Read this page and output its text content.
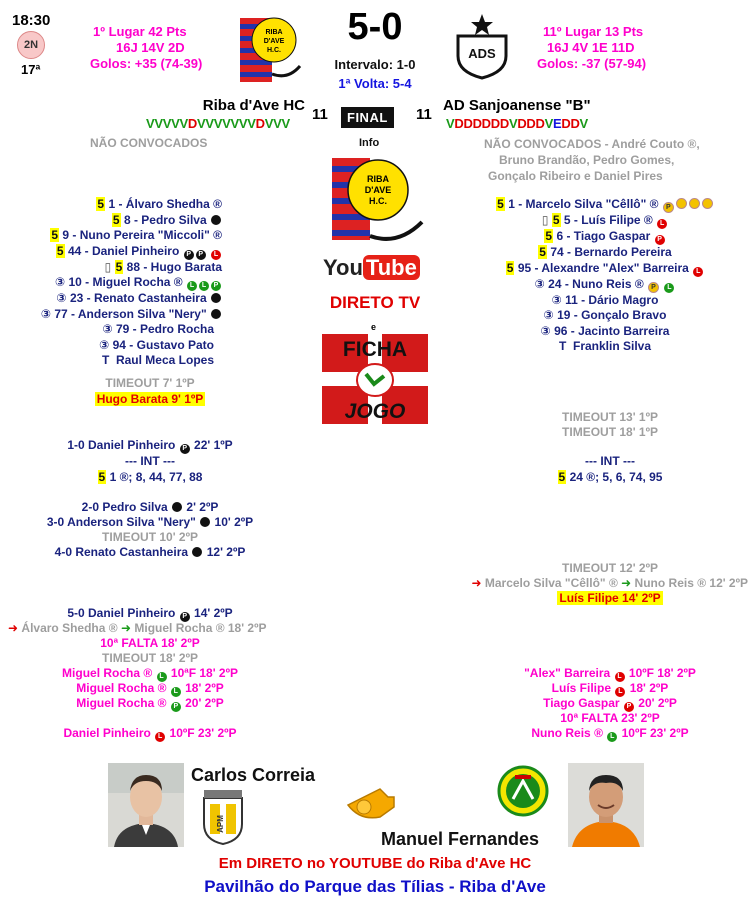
18:30
2N
17ª
1º Lugar 42 Pts
16J 14V 2D
Golos: +35 (74-39)
RIBA
D'AVE
H.C.
5-0
Intervalo: 1-0
1ª Volta: 5-4
ADS
11º Lugar 13 Pts
16J 4V 1E 11D
Golos: -37 (57-94)
Riba d'Ave HC
11	FINAL	11
AD Sanjoanense "B"
VVVVVDVVVVVVVDVVV	VDDDDDDVDDDVEDDV
NÃO CONVOCADOS	Info	NÃO CONVOCADOS - André Couto ®,
Bruno Brandão, Pedro Gomes,
Gonçalo Ribeiro e Daniel Pires
RIBA
D'AVE
H.C.
You Tube
DIRETO TV
e
FICHA
JOGO
5 1 - Álvaro Shedha ®
5 8 - Pedro Silva
5 9 - Nuno Pereira "Miccoli" ®
5 44 - Daniel Pinheiro P P L
▯ 5 88 - Hugo Barata
③ 10 - Miguel Rocha ® L L P
③ 23 - Renato Castanheira
③ 77 - Anderson Silva "Nery"
③ 79 - Pedro Rocha
③ 94 - Gustavo Pato
T Raul Meca Lopes
5 1 - Marcelo Silva "Cêllô" ® P
▯ 5 5 - Luís Filipe ® L
5 6 - Tiago Gaspar P
5 74 - Bernardo Pereira
5 95 - Alexandre "Alex" Barreira L
③ 24 - Nuno Reis ® P L
③ 11 - Dário Magro
③ 19 - Gonçalo Bravo
③ 96 - Jacinto Barreira
T Franklin Silva
TIMEOUT 7' 1ºP
Hugo Barata 9' 1ºP
TIMEOUT 13' 1ºP
TIMEOUT 18' 1ºP
1-0 Daniel Pinheiro P 22' 1ºP
--- INT ---
5 1 ®; 8, 44, 77, 88
--- INT ---
5 24 ®; 5, 6, 74, 95
2-0 Pedro Silva 2' 2ºP
3-0 Anderson Silva "Nery" 10' 2ºP
TIMEOUT 10' 2ºP
4-0 Renato Castanheira 12' 2ºP
TIMEOUT 12' 2ºP
➜ Marcelo Silva "Cêllô" ® ➜ Nuno Reis ® 12' 2ºP
Luís Filipe 14' 2ºP
5-0 Daniel Pinheiro P 14' 2ºP
➜ Álvaro Shedha ® ➜ Miguel Rocha ® 18' 2ºP
10ª FALTA 18' 2ºP
TIMEOUT 18' 2ºP
Miguel Rocha ® L 10ªF 18' 2ºP
Miguel Rocha ® L 18' 2ºP
Miguel Rocha ® P 20' 2ºP
Daniel Pinheiro L 10ºF 23' 2ºP
"Alex" Barreira L 10ºF 18' 2ºP
Luís Filipe L 18' 2ºP
Tiago Gaspar P 20' 2ºP
10ª FALTA 23' 2ºP
Nuno Reis ® L 10ºF 23' 2ºP
Carlos Correia
APM
Manuel Fernandes
Em DIRETO no YOUTUBE do Riba d'Ave HC
Pavilhão do Parque das Tílias - Riba d'Ave
